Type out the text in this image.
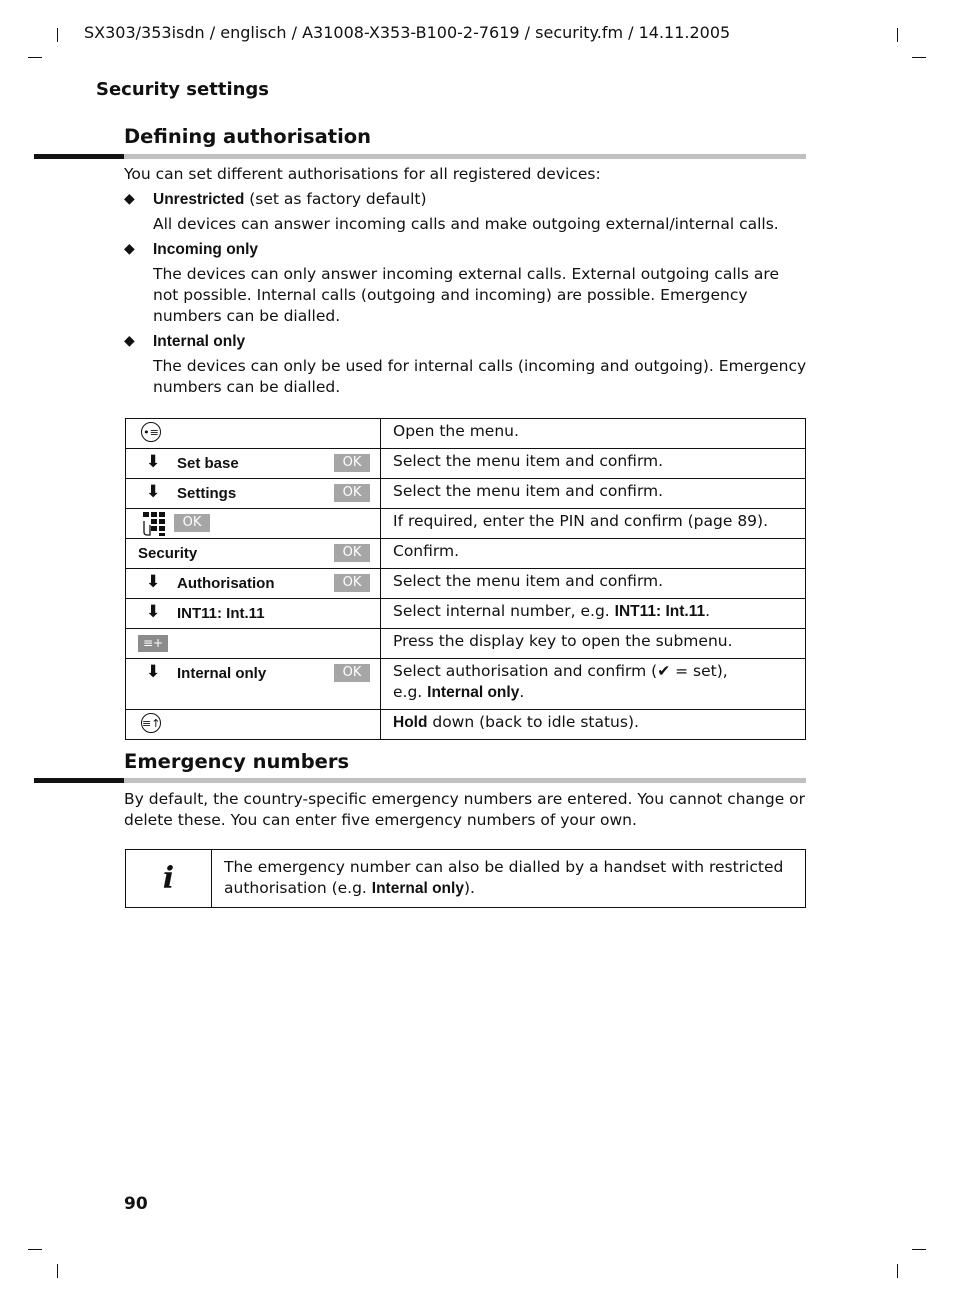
SX303/353isdn / englisch / A31008-X353-B100-2-7619 / security.fm / 14.11.2005
Security settings
Defining authorisation
You can set different authorisations for all registered devices:
◆ Unrestricted (set as factory default)
All devices can answer incoming calls and make outgoing external/internal calls.
◆ Incoming only
The devices can only answer incoming external calls. External outgoing calls are not possible. Internal calls (outgoing and incoming) are possible. Emergency numbers can be dialled.
◆ Internal only
The devices can only be used for internal calls (incoming and outgoing). Emergency numbers can be dialled.
•≡	Open the menu.

⬇ Set base OK	Select the menu item and confirm.

⬇ Settings OK	Select the menu item and confirm.

OK	If required, enter the PIN and confirm (page 89).

Security OK	Confirm.

⬇ Authorisation OK	Select the menu item and confirm.

⬇ INT11: Int.11	Select internal number, e.g. INT11: Int.11.

≡+	Press the display key to open the submenu.

⬇ Internal only OK	Select authorisation and confirm (✔ = set),
e.g. Internal only.

≡↑	Hold down (back to idle status).
Emergency numbers
By default, the country-specific emergency numbers are entered. You cannot change or delete these. You can enter five emergency numbers of your own.
i	The emergency number can also be dialled by a handset with restricted authorisation (e.g. Internal only).
90
